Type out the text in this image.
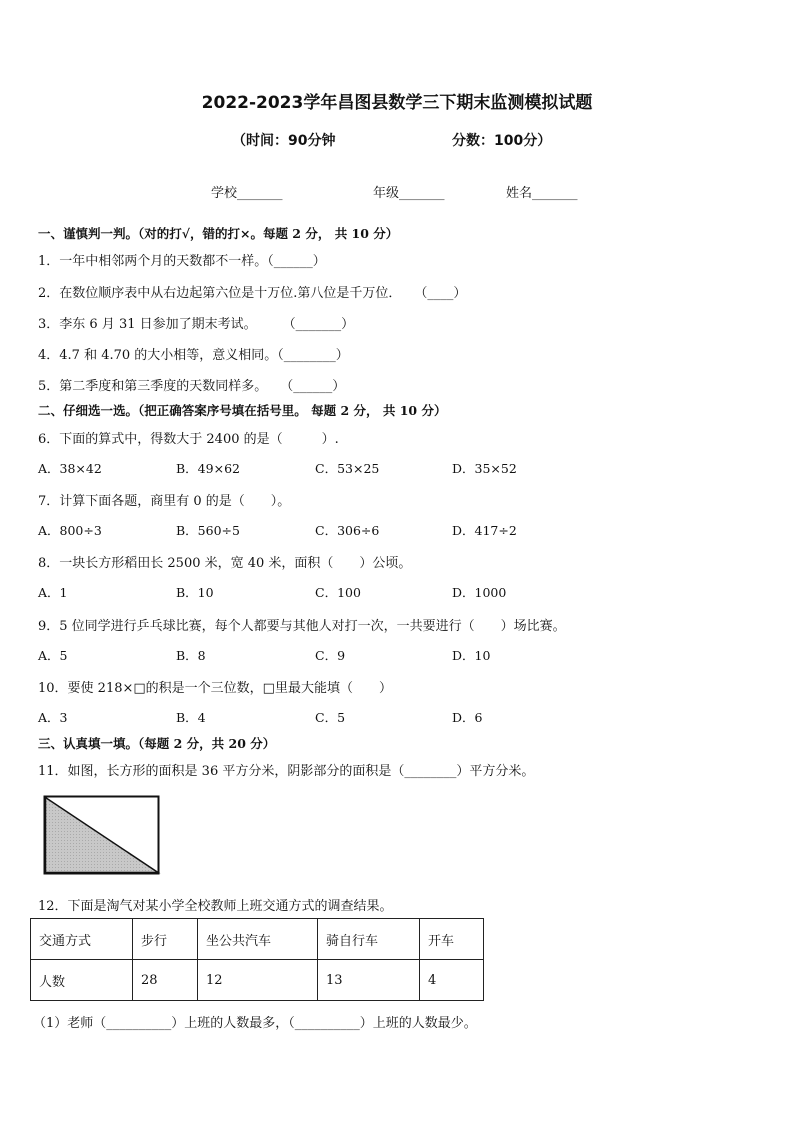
2022-2023学年昌图县数学三下期末监测模拟试题
（时间：90分钟	分数：100分）
学校_______	年级_______	姓名_______
一、谨慎判一判。（对的打√，错的打×。每题 2 分， 共 10 分）
1．一年中相邻两个月的天数都不一样。（______）
2．在数位顺序表中从右边起第六位是十万位.第八位是千万位．　　（____）
3．李东 6 月 31 日参加了期末考试。　　　（_______）
4．4.7 和 4.70 的大小相等，意义相同。（________）
5．第二季度和第三季度的天数同样多。　　（______）
二、仔细选一选。（把正确答案序号填在括号里。 每题 2 分， 共 10 分）
6．下面的算式中，得数大于 2400 的是（　　　）.
A．38×42	B．49×62	C．53×25	D．35×52
7．计算下面各题，商里有 0 的是（　　）。
A．800÷3	B．560÷5	C．306÷6	D．417÷2
8．一块长方形稻田长 2500 米，宽 40 米，面积（　　）公顷。
A．1	B．10	C．100	D．1000
9．5 位同学进行乒乓球比赛，每个人都要与其他人对打一次，一共要进行（　　）场比赛。
A．5	B．8	C．9	D．10
10．要使 218×□的积是一个三位数，□里最大能填（　　）
A．3	B．4	C．5	D．6
三、认真填一填。（每题 2 分，共 20 分）
11．如图，长方形的面积是 36 平方分米，阴影部分的面积是（________）平方分米。
12．下面是淘气对某小学全校教师上班交通方式的调查结果。
交通方式	步行	坐公共汽车	骑自行车	开车
人数	28	12	13	4
（1）老师（__________）上班的人数最多，（__________）上班的人数最少。
